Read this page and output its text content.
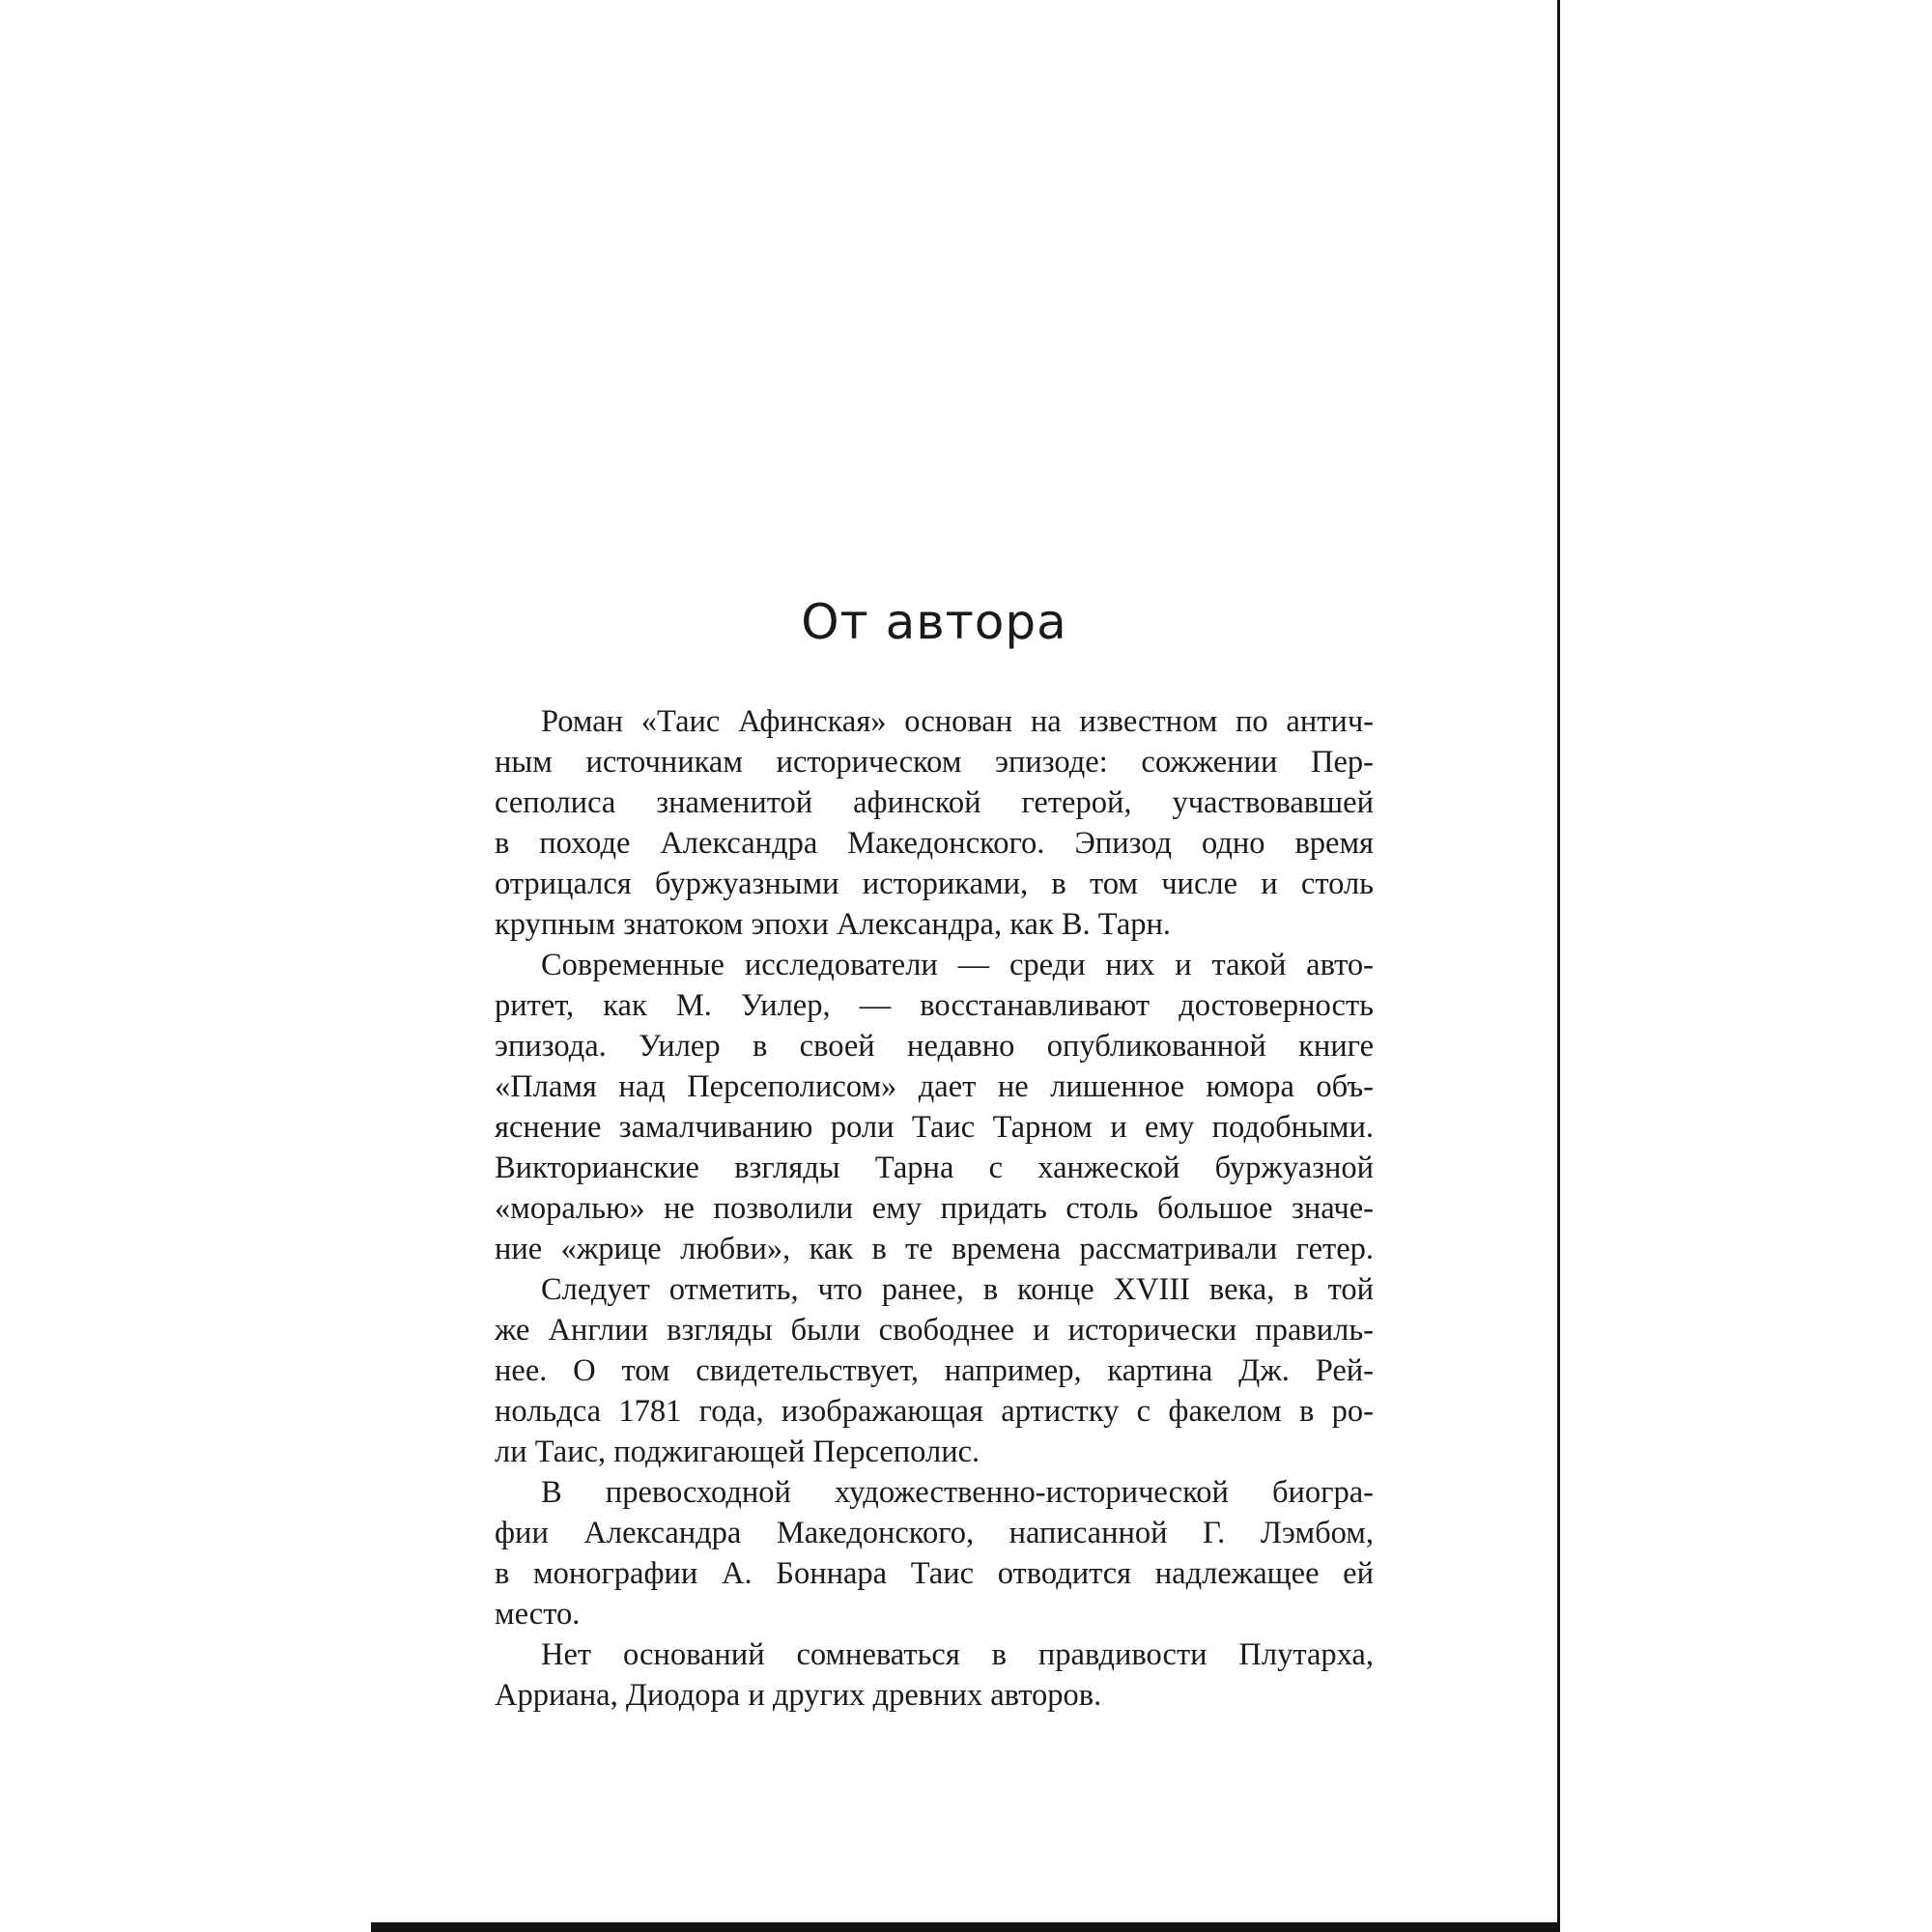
От автора
Роман «Таис Афинская» основан на известном по антич-
ным источникам историческом эпизоде: сожжении Пер-
сеполиса знаменитой афинской гетерой, участвовавшей
в походе Александра Македонского. Эпизод одно время
отрицался буржуазными историками, в том числе и столь
крупным знатоком эпохи Александра, как В. Тарн.
Современные исследователи — среди них и такой авто-
ритет, как М. Уилер, — восстанавливают достоверность
эпизода. Уилер в своей недавно опубликованной книге
«Пламя над Персеполисом» дает не лишенное юмора объ-
яснение замалчиванию роли Таис Тарном и ему подобными.
Викторианские взгляды Тарна с ханжеской буржуазной
«моралью» не позволили ему придать столь большое значе-
ние «жрице любви», как в те времена рассматривали гетер.
Следует отметить, что ранее, в конце XVIII века, в той
же Англии взгляды были свободнее и исторически правиль-
нее. О том свидетельствует, например, картина Дж. Рей-
нольдса 1781 года, изображающая артистку с факелом в ро-
ли Таис, поджигающей Персеполис.
В превосходной художественно-исторической биогра-
фии Александра Македонского, написанной Г. Лэмбом,
в монографии А. Боннара Таис отводится надлежащее ей
место.
Нет оснований сомневаться в правдивости Плутарха,
Арриана, Диодора и других древних авторов.
